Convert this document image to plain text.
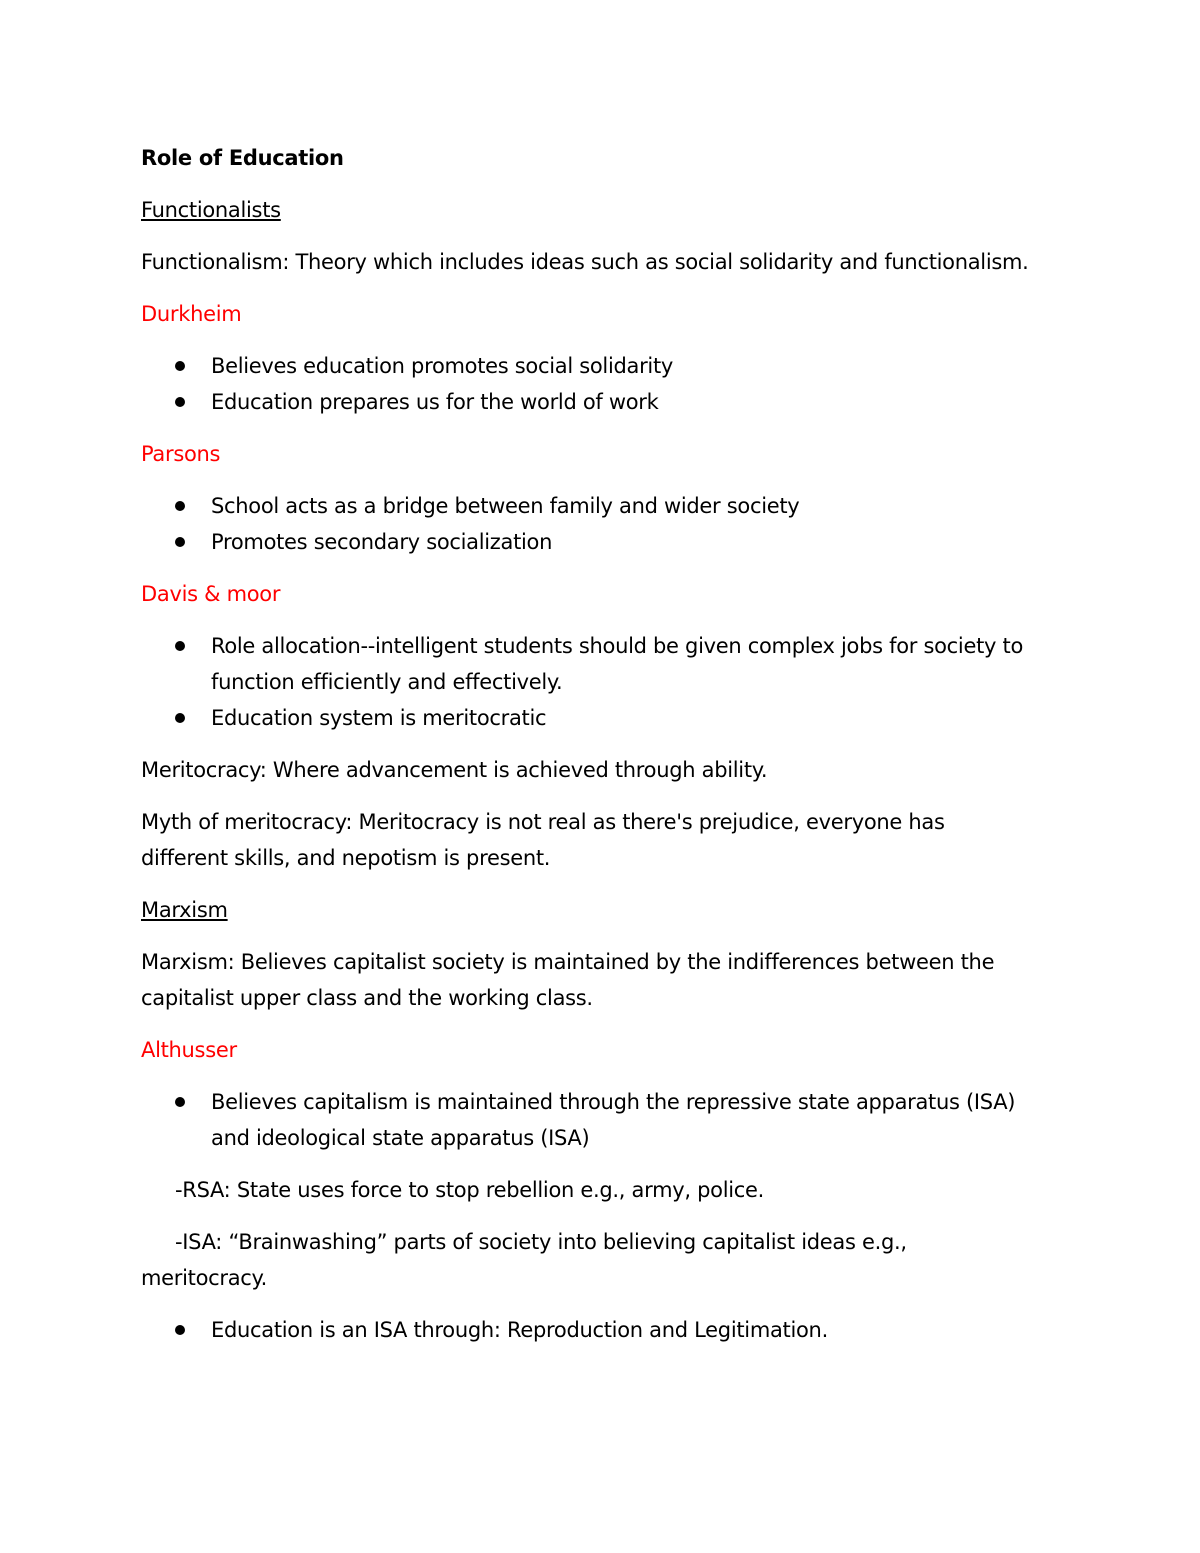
Role of Education
Functionalists

Functionalism: Theory which includes ideas such as social solidarity and functionalism.

Durkheim
Believes education promotes social solidarity
Education prepares us for the world of work
Parsons
School acts as a bridge between family and wider society
Promotes secondary socialization
Davis & moor
Role allocation--intelligent students should be given complex jobs for society to function efficiently and effectively.
Education system is meritocratic

Meritocracy: Where advancement is achieved through ability.

Myth of meritocracy: Meritocracy is not real as there's prejudice, everyone has different skills, and nepotism is present.

Marxism

Marxism: Believes capitalist society is maintained by the indifferences between the capitalist upper class and the working class.

Althusser
Believes capitalism is maintained through the repressive state apparatus (ISA) and ideological state apparatus (ISA)

-RSA: State uses force to stop rebellion e.g., army, police.

-ISA: “Brainwashing” parts of society into believing capitalist ideas e.g., meritocracy.

Education is an ISA through: Reproduction and Legitimation.
